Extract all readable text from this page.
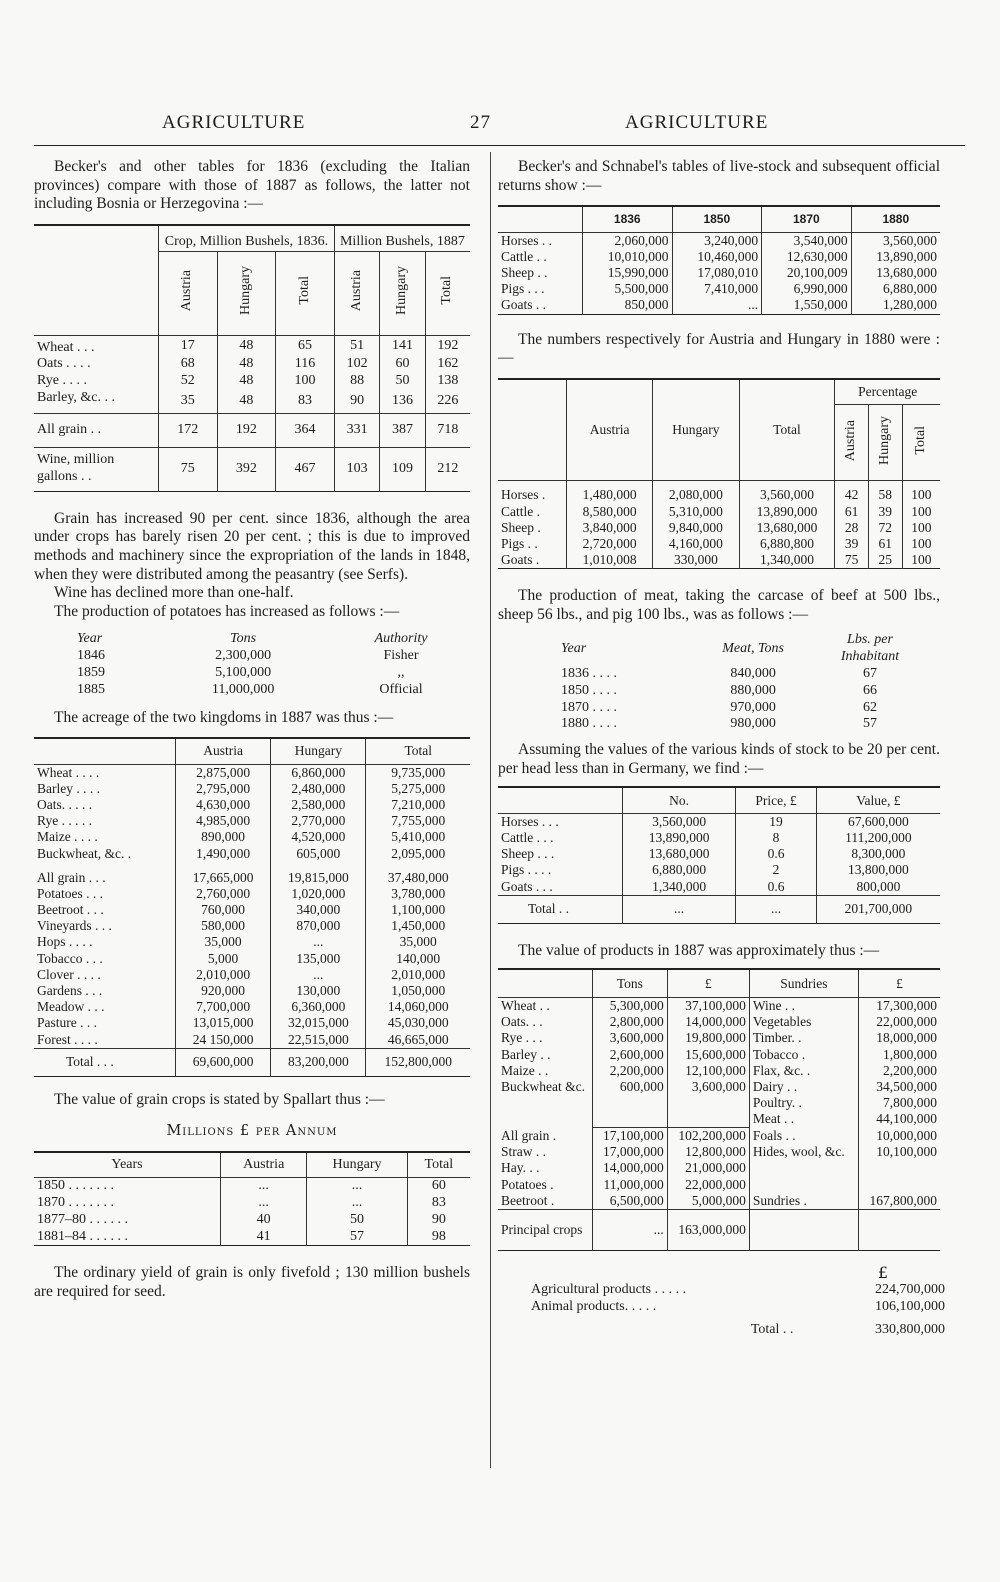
AGRICULTURE	27	AGRICULTURE

Becker's and other tables for 1836 (excluding the Italian provinces) compare with those of 1887 as follows, the latter not including Bosnia or Herzegovina :—

	Crop, Million Bushels, 1836.			Million Bushels, 1887		
	Austria	Hungary	Total	Austria	Hungary	Total
Wheat . . .	17	48	65	51	141	192
Oats . . . .	68	48	116	102	60	162
Rye . . . .	52	48	100	88	50	138
Barley, &c. . .	35	48	83	90	136	226
All grain . .	172	192	364	331	387	718
Wine, million gallons . .	75	392	467	103	109	212

Grain has increased 90 per cent. since 1836, although the area under crops has barely risen 20 per cent. ; this is due to improved methods and machinery since the expropriation of the lands in 1848, when they were distributed among the peasantry (see Serfs).

Wine has declined more than one-half.

The production of potatoes has increased as follows :—

Year	Tons	Authority
1846	2,300,000	Fisher
1859	5,100,000	,,
1885	11,000,000	Official

The acreage of the two kingdoms in 1887 was thus :—

	Austria	Hungary	Total
Wheat . . . .	2,875,000	6,860,000	9,735,000
Barley . . . .	2,795,000	2,480,000	5,275,000
Oats. . . . .	4,630,000	2,580,000	7,210,000
Rye . . . . .	4,985,000	2,770,000	7,755,000
Maize . . . .	890,000	4,520,000	5,410,000
Buckwheat, &c. .	1,490,000	605,000	2,095,000

All grain . . .	17,665,000	19,815,000	37,480,000
Potatoes . . .	2,760,000	1,020,000	3,780,000
Beetroot . . .	760,000	340,000	1,100,000
Vineyards . . .	580,000	870,000	1,450,000
Hops . . . .	35,000	...	35,000
Tobacco . . .	5,000	135,000	140,000
Clover . . . .	2,010,000	...	2,010,000
Gardens . . .	920,000	130,000	1,050,000
Meadow . . .	7,700,000	6,360,000	14,060,000
Pasture . . .	13,015,000	32,015,000	45,030,000
Forest . . . .	24 150,000	22,515,000	46,665,000
Total . . .	69,600,000	83,200,000	152,800,000

The value of grain crops is stated by Spallart thus :—

Millions £ per Annum
Years	Austria	Hungary	Total
1850 . . . . . . .	...	...	60
1870 . . . . . . .	...	...	83
1877–80 . . . . . .	40	50	90
1881–84 . . . . . .	41	57	98

The ordinary yield of grain is only fivefold ; 130 million bushels are required for seed.

Becker's and Schnabel's tables of live-stock and subsequent official returns show :—

	1836	1850	1870	1880
Horses . .	2,060,000	3,240,000	3,540,000	3,560,000
Cattle . .	10,010,000	10,460,000	12,630,000	13,890,000
Sheep . .	15,990,000	17,080,010	20,100,009	13,680,000
Pigs . . .	5,500,000	7,410,000	6,990,000	6,880,000
Goats . .	850,000	...	1,550,000	1,280,000

The numbers respectively for Austria and Hungary in 1880 were :—

	Austria	Hungary	Total	Percentage		
				Austria	Hungary	Total
Horses .	1,480,000	2,080,000	3,560,000	42	58	100
Cattle .	8,580,000	5,310,000	13,890,000	61	39	100
Sheep .	3,840,000	9,840,000	13,680,000	28	72	100
Pigs . .	2,720,000	4,160,000	6,880,800	39	61	100
Goats .	1,010,008	330,000	1,340,000	75	25	100

The production of meat, taking the carcase of beef at 500 lbs., sheep 56 lbs., and pig 100 lbs., was as follows :—

Year	Meat, Tons	Lbs. per Inhabitant
1836 . . . .	840,000	67
1850 . . . .	880,000	66
1870 . . . .	970,000	62
1880 . . . .	980,000	57

Assuming the values of the various kinds of stock to be 20 per cent. per head less than in Germany, we find :—

	No.	Price, £	Value, £
Horses . . .	3,560,000	19	67,600,000
Cattle . . .	13,890,000	8	111,200,000
Sheep . . .	13,680,000	0.6	8,300,000
Pigs . . . .	6,880,000	2	13,800,000
Goats . . .	1,340,000	0.6	800,000
Total . .	...	...	201,700,000

The value of products in 1887 was approximately thus :—

	Tons	£	Sundries	£
Wheat . .	5,300,000	37,100,000	Wine . .	17,300,000
Oats. . .	2,800,000	14,000,000	Vegetables	22,000,000
Rye . . .	3,600,000	19,800,000	Timber. .	18,000,000
Barley . .	2,600,000	15,600,000	Tobacco .	1,800,000
Maize . .	2,200,000	12,100,000	Flax, &c. .	2,200,000
Buckwheat &c.	600,000	3,600,000	Dairy . .	34,500,000
			Poultry. .	7,800,000
			Meat . .	44,100,000
All grain .	17,100,000	102,200,000	Foals . .	10,000,000
Straw . .	17,000,000	12,800,000	Hides, wool, &c.	10,100,000
Hay. . .	14,000,000	21,000,000		
Potatoes .	11,000,000	22,000,000		
Beetroot .	6,500,000	5,000,000	Sundries .	167,800,000
Principal crops	...	163,000,000		
£
Agricultural products . . . . .	224,700,000
Animal products. . . . .	106,100,000
Total . .	330,800,000
